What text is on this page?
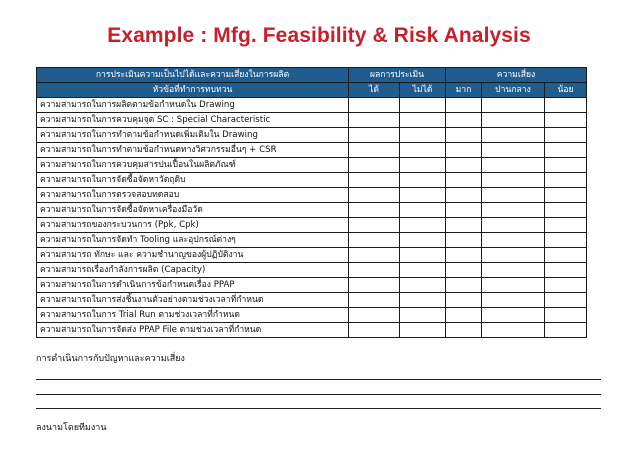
Example : Mfg. Feasibility & Risk Analysis
การประเมินความเป็นไปได้และความเสี่ยงในการผลิต	ผลการประเมิน		ความเสี่ยง		
หัวข้อที่ทำการทบทวน	ได้	ไม่ได้	มาก	ปานกลาง	น้อย
ความสามารถในการผลิตตามข้อกำหนดใน Drawing					
ความสามารถในการควบคุมจุด SC : Special Characteristic					
ความสามารถในการทำตามข้อกำหนดเพิ่มเติมใน Drawing					
ความสามารถในการทำตามข้อกำหนดทางวิศวกรรมอื่นๆ + CSR					
ความสามารถในการควบคุมสารปนเปื้อนในผลิตภัณฑ์					
ความสามารถในการจัดซื้อจัดหาวัตถุดิบ					
ความสามารถในการตรวจสอบทดสอบ					
ความสามารถในการจัดซื้อจัดหาเครื่องมือวัด					
ความสามารถของกระบวนการ (Ppk, Cpk)					
ความสามารถในการจัดทำ Tooling และอุปกรณ์ต่างๆ					
ความสามารถ ทักษะ และ ความชำนาญของผู้ปฏิบัติงาน					
ความสามารถเรื่องกำลังการผลิต (Capacity)					
ความสามารถในการดำเนินการข้อกำหนดเรื่อง PPAP					
ความสามารถในการส่งชิ้นงานตัวอย่างตามช่วงเวลาที่กำหนด					
ความสามารถในการ Trial Run ตามช่วงเวลาที่กำหนด					
ความสามารถในการจัดส่ง PPAP File ตามช่วงเวลาที่กำหนด					
การดำเนินการกับปัญหาและความเสี่ยง
ลงนามโดยทีมงาน
